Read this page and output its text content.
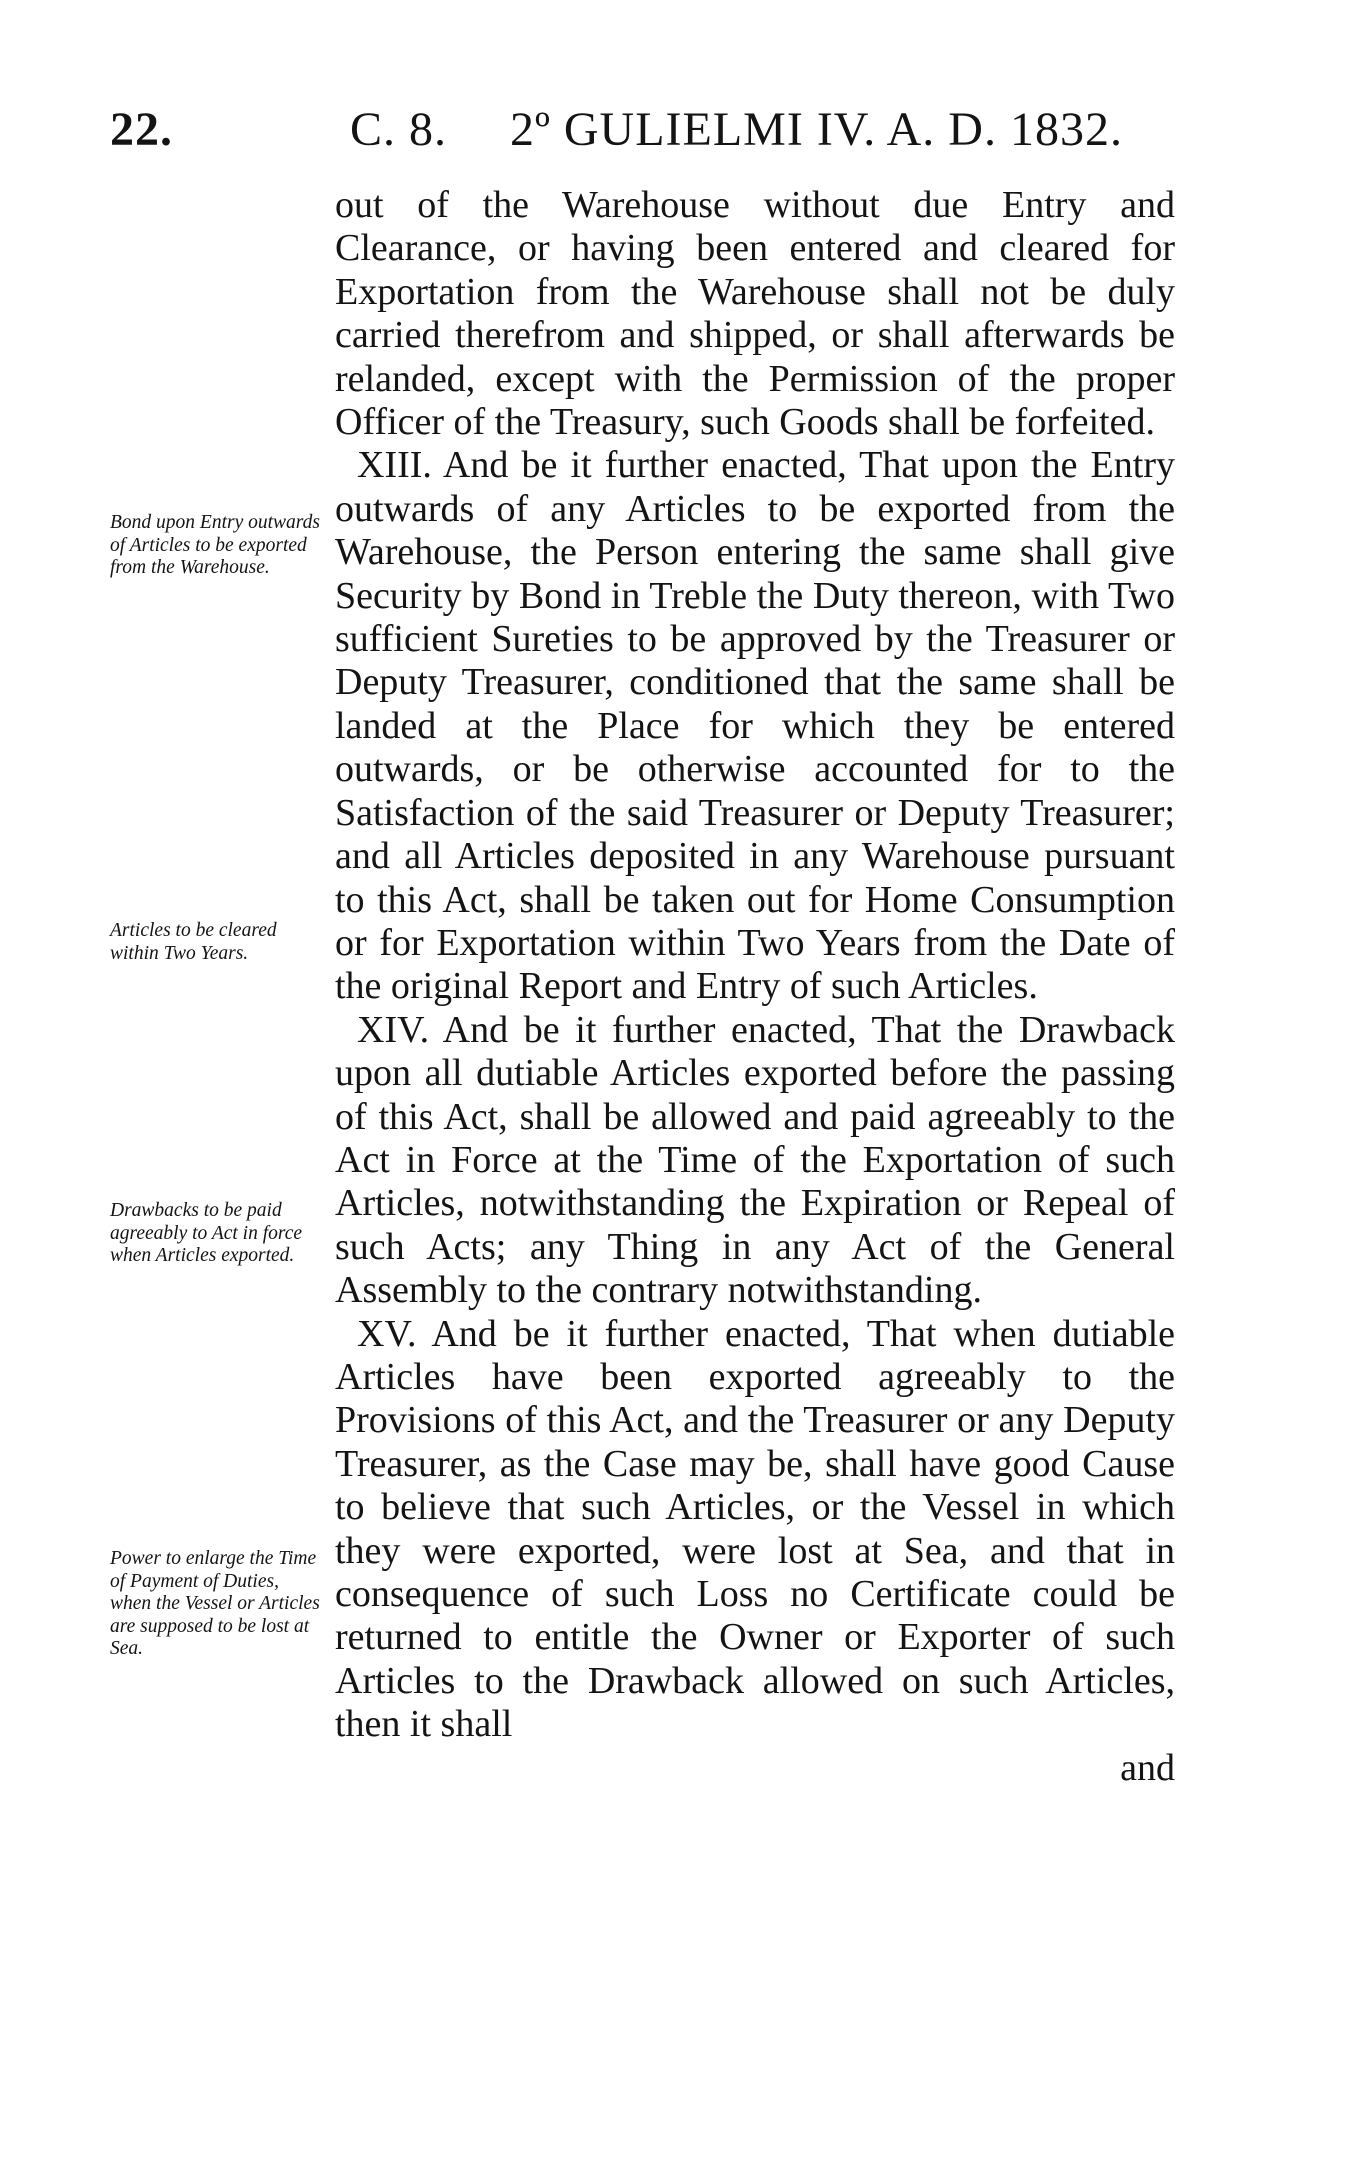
22.	C. 8. 2º GULIELMI IV. A. D. 1832.
Bond upon Entry outwards of Articles to be exported from the Warehouse.
Articles to be cleared within Two Years.
Drawbacks to be paid agreeably to Act in force when Articles exported.
Power to enlarge the Time of Payment of Duties, when the Vessel or Articles are supposed to be lost at Sea.

out of the Warehouse without due Entry and Clearance, or having been entered and cleared for Exportation from the Warehouse shall not be duly carried therefrom and shipped, or shall afterwards be relanded, except with the Permission of the proper Officer of the Treasury, such Goods shall be forfeited.

XIII. And be it further enacted, That upon the Entry outwards of any Articles to be exported from the Warehouse, the Person entering the same shall give Security by Bond in Treble the Duty thereon, with Two sufficient Sureties to be approved by the Treasurer or Deputy Treasurer, conditioned that the same shall be landed at the Place for which they be entered outwards, or be otherwise accounted for to the Satisfaction of the said Treasurer or Deputy Treasurer; and all Articles deposited in any Warehouse pursuant to this Act, shall be taken out for Home Consumption or for Exportation within Two Years from the Date of the original Report and Entry of such Articles.

XIV. And be it further enacted, That the Drawback upon all dutiable Articles exported before the passing of this Act, shall be allowed and paid agreeably to the Act in Force at the Time of the Exportation of such Articles, notwithstanding the Expiration or Repeal of such Acts; any Thing in any Act of the General Assembly to the contrary notwithstanding.

XV. And be it further enacted, That when dutiable Articles have been exported agreeably to the Provisions of this Act, and the Treasurer or any Deputy Treasurer, as the Case may be, shall have good Cause to believe that such Articles, or the Vessel in which they were exported, were lost at Sea, and that in consequence of such Loss no Certificate could be returned to entitle the Owner or Exporter of such Articles to the Drawback allowed on such Articles, then it shall

and
